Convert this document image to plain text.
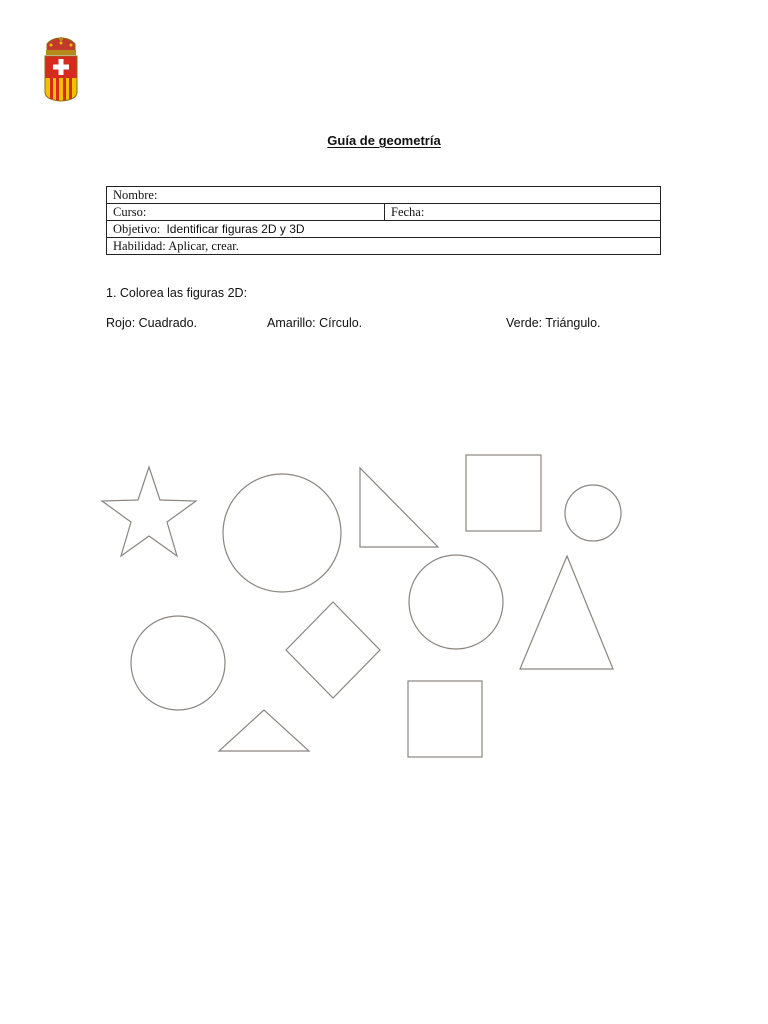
Guía de geometría
Nombre:
Curso:	Fecha:
Objetivo: Identificar figuras 2D y 3D
Habilidad: Aplicar, crear.
1. Colorea las figuras 2D:
Rojo: Cuadrado.	Amarillo: Círculo.	Verde: Triángulo.
